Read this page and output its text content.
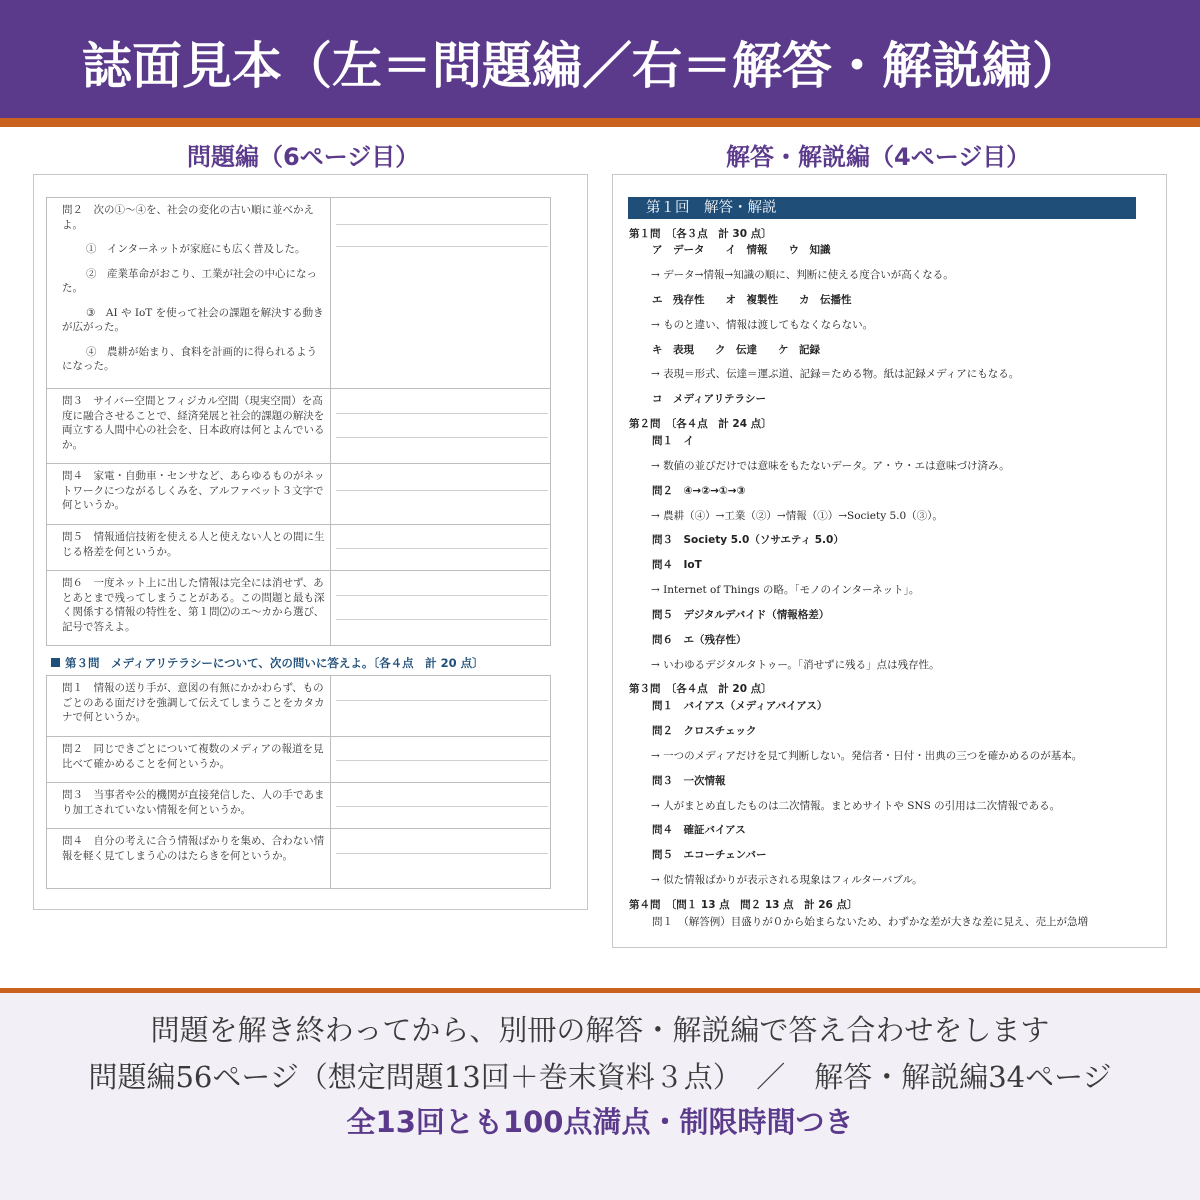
誌面見本（左＝問題編／右＝解答・解説編）
問題編（6ページ目）	解答・解説編（4ページ目）

問２　次の①〜④を、社会の変化の古い順に並べかえよ。

①　インターネットが家庭にも広く普及した。

②　産業革命がおこり、工業が社会の中心になった。

③　AI や IoT を使って社会の課題を解決する動きが広がった。

④　農耕が始まり、食料を計画的に得られるようになった。

問３　サイバー空間とフィジカル空間（現実空間）を高度に融合させることで、経済発展と社会的課題の解決を両立する人間中心の社会を、日本政府は何とよんでいるか。

問４　家電・自動車・センサなど、あらゆるものがネットワークにつながるしくみを、アルファベット３文字で何というか。

問５　情報通信技術を使える人と使えない人との間に生じる格差を何というか。

問６　一度ネット上に出した情報は完全には消せず、あとあとまで残ってしまうことがある。この問題と最も深く関係する情報の特性を、第１問⑵のエ〜カから選び、記号で答えよ。

第３問　メディアリテラシーについて、次の問いに答えよ。〔各４点　計 20 点〕

問１　情報の送り手が、意図の有無にかかわらず、ものごとのある面だけを強調して伝えてしまうことをカタカナで何というか。

問２　同じできごとについて複数のメディアの報道を見比べて確かめることを何というか。

問３　当事者や公的機関が直接発信した、人の手であまり加工されていない情報を何というか。

問４　自分の考えに合う情報ばかりを集め、合わない情報を軽く見てしまう心のはたらきを何というか。

第１回　解答・解説
第１問　〔各３点　計 30 点〕
ア　データ　　イ　情報　　ウ　知識
→ データ→情報→知識の順に、判断に使える度合いが高くなる。
エ　残存性　　オ　複製性　　カ　伝播性
→ ものと違い、情報は渡してもなくならない。
キ　表現　　ク　伝達　　ケ　記録
→ 表現＝形式、伝達＝運ぶ道、記録＝ためる物。紙は記録メディアにもなる。
コ　メディアリテラシー
第２問　〔各４点　計 24 点〕
問１　イ
→ 数値の並びだけでは意味をもたないデータ。ア・ウ・エは意味づけ済み。
問２　④→②→①→③
→ 農耕（④）→工業（②）→情報（①）→Society 5.0（③）。
問３　Society 5.0（ソサエティ 5.0）
問４　IoT
→ Internet of Things の略。「モノのインターネット」。
問５　デジタルデバイド（情報格差）
問６　エ（残存性）
→ いわゆるデジタルタトゥー。「消せずに残る」点は残存性。
第３問　〔各４点　計 20 点〕
問１　バイアス（メディアバイアス）
問２　クロスチェック
→ 一つのメディアだけを見て判断しない。発信者・日付・出典の三つを確かめるのが基本。
問３　一次情報
→ 人がまとめ直したものは二次情報。まとめサイトや SNS の引用は二次情報である。
問４　確証バイアス
問５　エコーチェンバー
→ 似た情報ばかりが表示される現象はフィルターバブル。
第４問　〔問１ 13 点　問２ 13 点　計 26 点〕
問１　（解答例）目盛りが０から始まらないため、わずかな差が大きな差に見え、売上が急増
問題を解き終わってから、別冊の解答・解説編で答え合わせをします
問題編56ページ（想定問題13回＋巻末資料３点）　／　解答・解説編34ページ
全13回とも100点満点・制限時間つき
